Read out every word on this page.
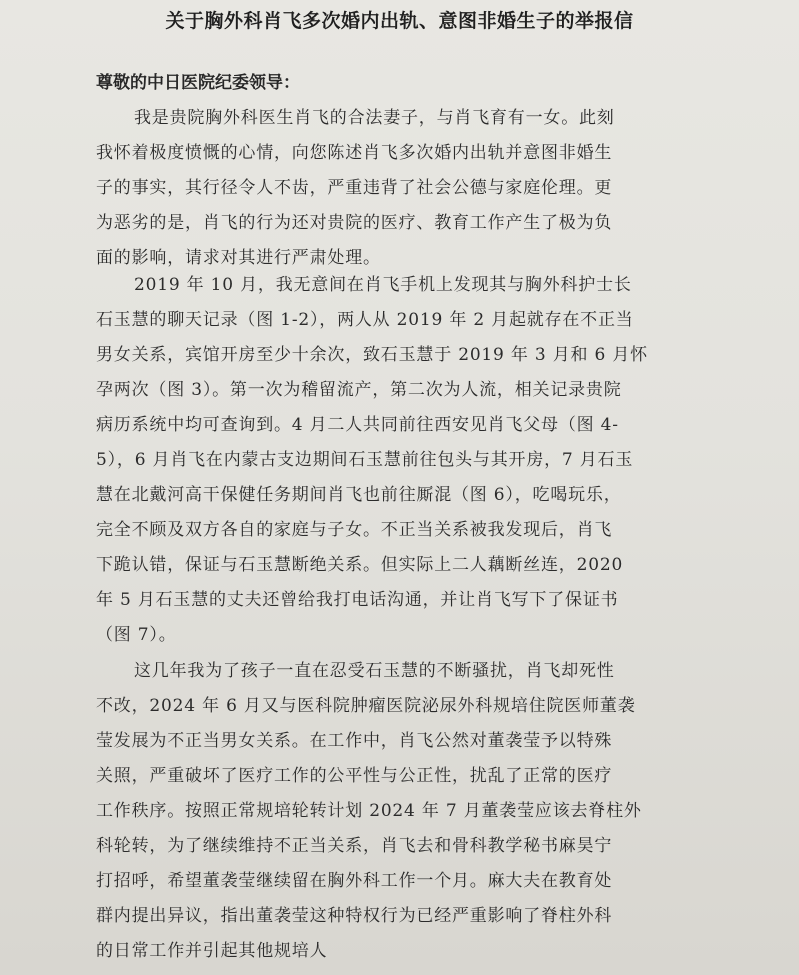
关于胸外科肖飞多次婚内出轨、意图非婚生子的举报信
尊敬的中日医院纪委领导：
我是贵院胸外科医生肖飞的合法妻子，与肖飞育有一女。此刻
我怀着极度愤慨的心情，向您陈述肖飞多次婚内出轨并意图非婚生
子的事实，其行径令人不齿，严重违背了社会公德与家庭伦理。更
为恶劣的是，肖飞的行为还对贵院的医疗、教育工作产生了极为负
面的影响，请求对其进行严肃处理。
2019 年 10 月，我无意间在肖飞手机上发现其与胸外科护士长
石玉慧的聊天记录（图 1-2），两人从 2019 年 2 月起就存在不正当
男女关系，宾馆开房至少十余次，致石玉慧于 2019 年 3 月和 6 月怀
孕两次（图 3）。第一次为稽留流产，第二次为人流，相关记录贵院
病历系统中均可查询到。4 月二人共同前往西安见肖飞父母（图 4-
5），6 月肖飞在内蒙古支边期间石玉慧前往包头与其开房，7 月石玉
慧在北戴河高干保健任务期间肖飞也前往厮混（图 6），吃喝玩乐，
完全不顾及双方各自的家庭与子女。不正当关系被我发现后，肖飞
下跪认错，保证与石玉慧断绝关系。但实际上二人藕断丝连，2020
年 5 月石玉慧的丈夫还曾给我打电话沟通，并让肖飞写下了保证书
（图 7）。
这几年我为了孩子一直在忍受石玉慧的不断骚扰，肖飞却死性
不改，2024 年 6 月又与医科院肿瘤医院泌尿外科规培住院医师董袭
莹发展为不正当男女关系。在工作中，肖飞公然对董袭莹予以特殊
关照，严重破坏了医疗工作的公平性与公正性，扰乱了正常的医疗
工作秩序。按照正常规培轮转计划 2024 年 7 月董袭莹应该去脊柱外
科轮转，为了继续维持不正当关系，肖飞去和骨科教学秘书麻昊宁
打招呼，希望董袭莹继续留在胸外科工作一个月。麻大夫在教育处
群内提出异议，指出董袭莹这种特权行为已经严重影响了脊柱外科
的日常工作并引起其他规培人
